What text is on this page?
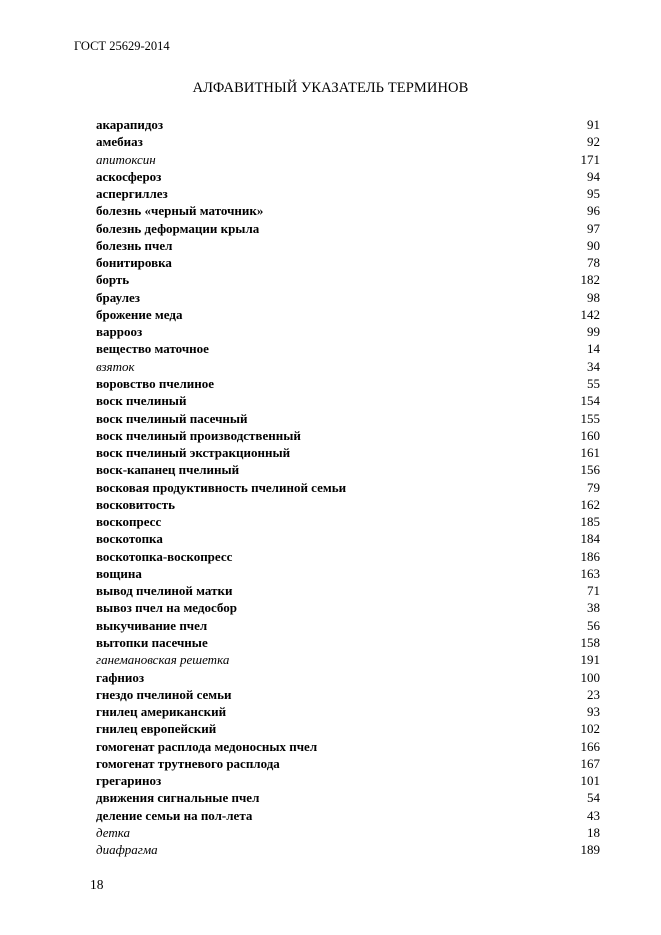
ГОСТ 25629-2014
АЛФАВИТНЫЙ УКАЗАТЕЛЬ ТЕРМИНОВ
акарапидоз	91
амебиаз	92
апитоксин	171
аскосфероз	94
аспергиллез	95
болезнь «черный маточник»	96
болезнь деформации крыла	97
болезнь пчел	90
бонитировка	78
борть	182
браулез	98
брожение меда	142
варрооз	99
вещество маточное	14
взяток	34
воровство пчелиное	55
воск пчелиный	154
воск пчелиный пасечный	155
воск пчелиный производственный	160
воск пчелиный экстракционный	161
воск-капанец пчелиный	156
восковая продуктивность пчелиной семьи	79
восковитость	162
воскопресс	185
воскотопка	184
воскотопка-воскопресс	186
вощина	163
вывод пчелиной матки	71
вывоз пчел на медосбор	38
выкучивание пчел	56
вытопки пасечные	158
ганемановская решетка	191
гафниоз	100
гнездо пчелиной семьи	23
гнилец американский	93
гнилец европейский	102
гомогенат расплода медоносных пчел	166
гомогенат трутневого расплода	167
грегариноз	101
движения сигнальные пчел	54
деление семьи на пол-лета	43
детка	18
диафрагма	189
18
